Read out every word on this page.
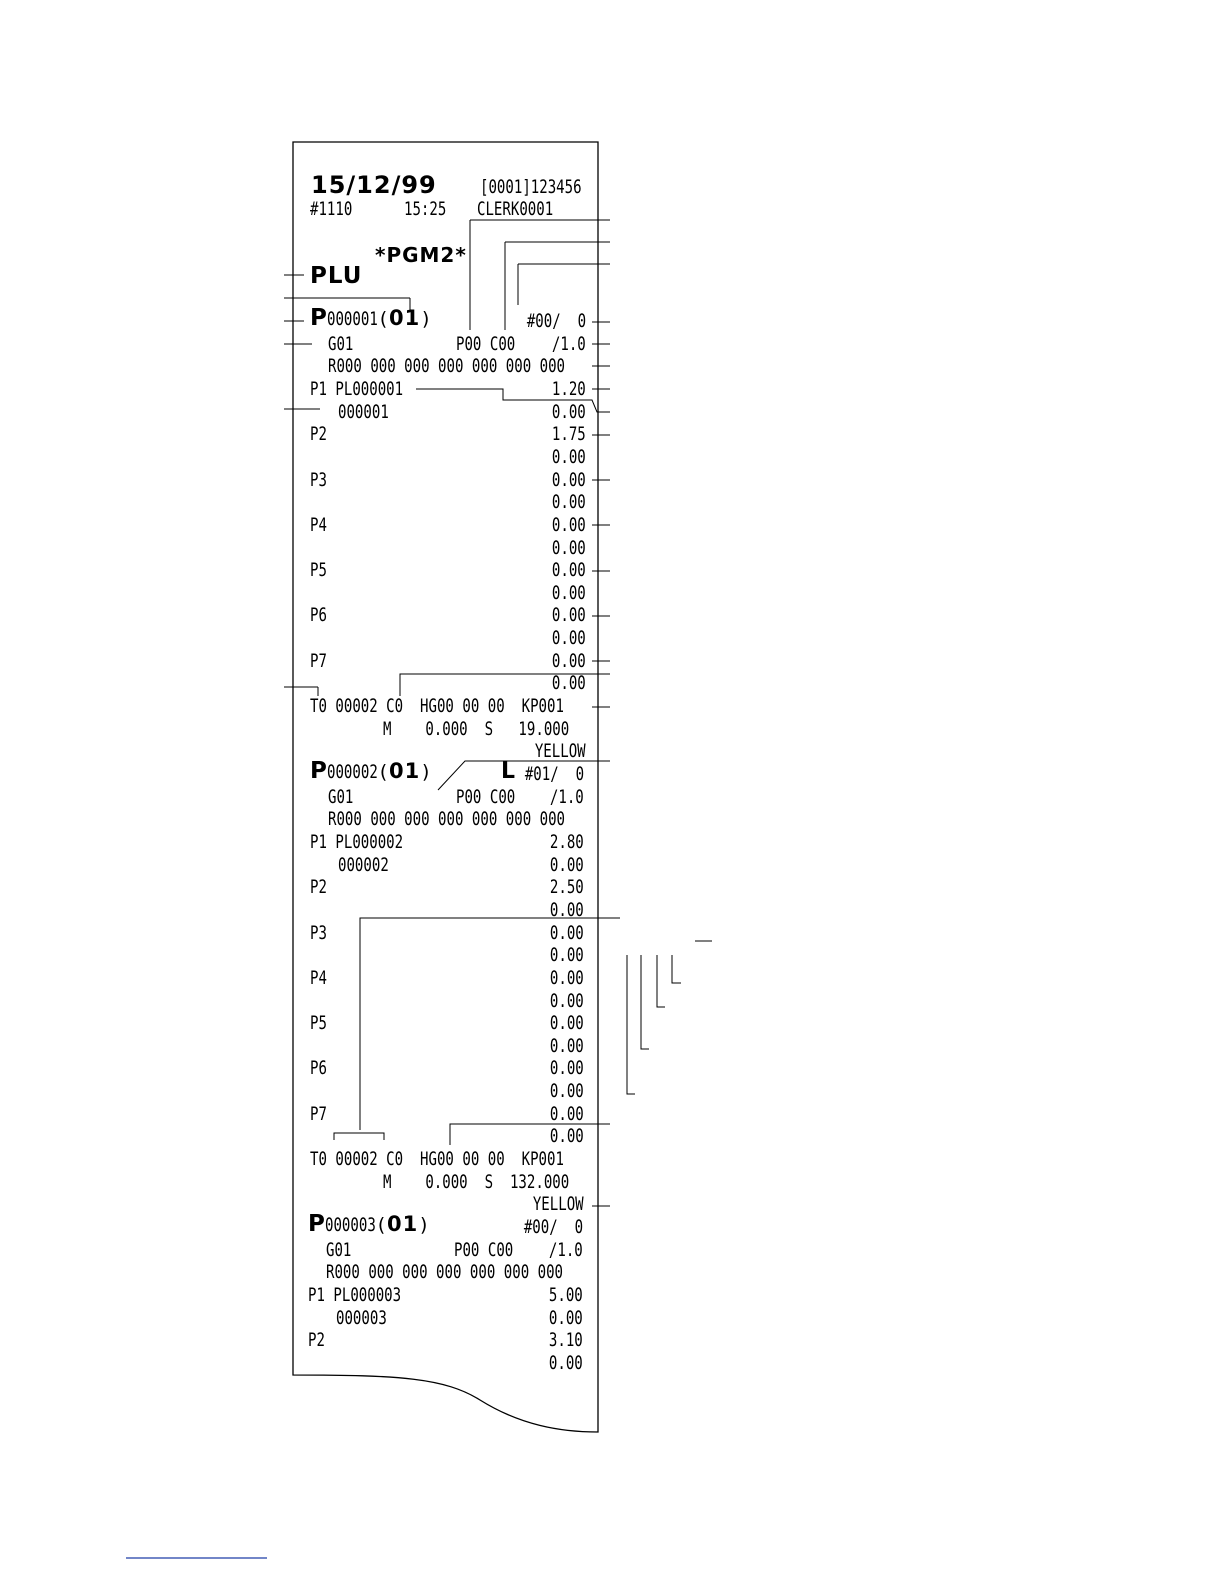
15/12/99 [0001]123456
#1110	15:25 CLERK0001
*PGM2*
PLU
P000001(01)	#00/  0
G01	P00 C00 /1.0
R000 000 000 000 000 000 000
P1 PL000001	1.20
000001	0.00
P2	1.75
0.00
P3	0.00
0.00
P4	0.00
0.00
P5	0.00
0.00
P6	0.00
0.00
P7	0.00
0.00
T0 00002 C0  HG00 00 00  KP001
M    0.000  S   19.000
YELLOW
P000002(01)	L #01/  0
G01	P00 C00 /1.0
R000 000 000 000 000 000 000
P1 PL000002	2.80
000002	0.00
P2	2.50
0.00
P3	0.00
0.00
P4	0.00
0.00
P5	0.00
0.00
P6	0.00
0.00
P7	0.00
0.00
T0 00002 C0  HG00 00 00  KP001
M    0.000  S  132.000
YELLOW
P000003(01)	#00/  0
G01	P00 C00 /1.0
R000 000 000 000 000 000 000
P1 PL000003	5.00
000003	0.00
P2	3.10
0.00
